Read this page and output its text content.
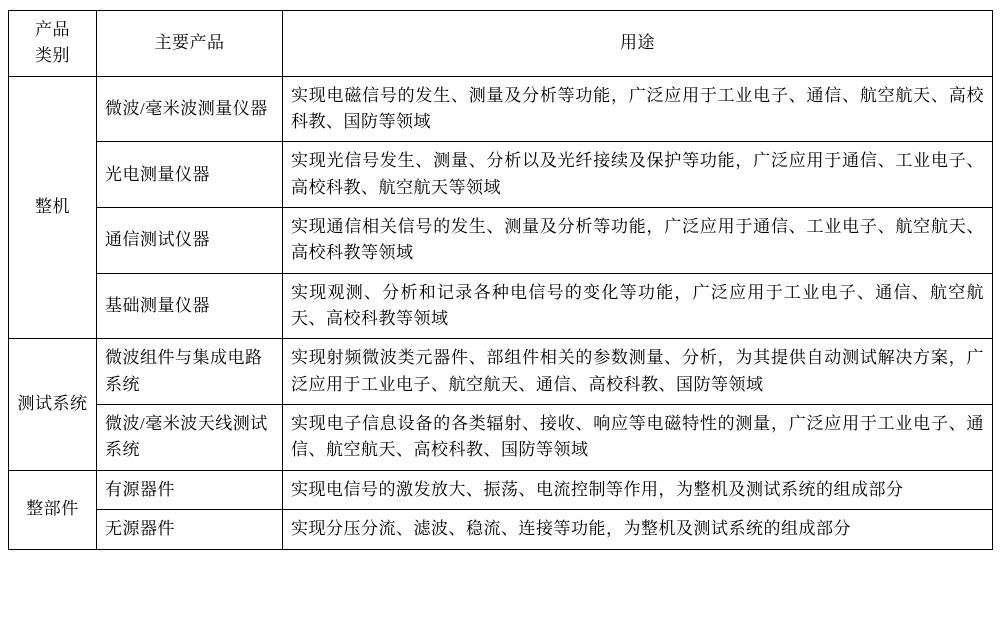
产品
类别	主要产品	用途
整机	微波/毫米波测量仪器	实现电磁信号的发生、测量及分析等功能，广泛应用于工业电子、通信、航空航天、高校科教、国防等领域
	光电测量仪器	实现光信号发生、测量、分析以及光纤接续及保护等功能，广泛应用于通信、工业电子、高校科教、航空航天等领域
	通信测试仪器	实现通信相关信号的发生、测量及分析等功能，广泛应用于通信、工业电子、航空航天、高校科教等领域
	基础测量仪器	实现观测、分析和记录各种电信号的变化等功能，广泛应用于工业电子、通信、航空航天、高校科教等领域
测试系统	微波组件与集成电路系统	实现射频微波类元器件、部组件相关的参数测量、分析，为其提供自动测试解决方案，广泛应用于工业电子、航空航天、通信、高校科教、国防等领域
	微波/毫米波天线测试系统	实现电子信息设备的各类辐射、接收、响应等电磁特性的测量，广泛应用于工业电子、通信、航空航天、高校科教、国防等领域
整部件	有源器件	实现电信号的激发放大、振荡、电流控制等作用，为整机及测试系统的组成部分
	无源器件	实现分压分流、滤波、稳流、连接等功能，为整机及测试系统的组成部分
